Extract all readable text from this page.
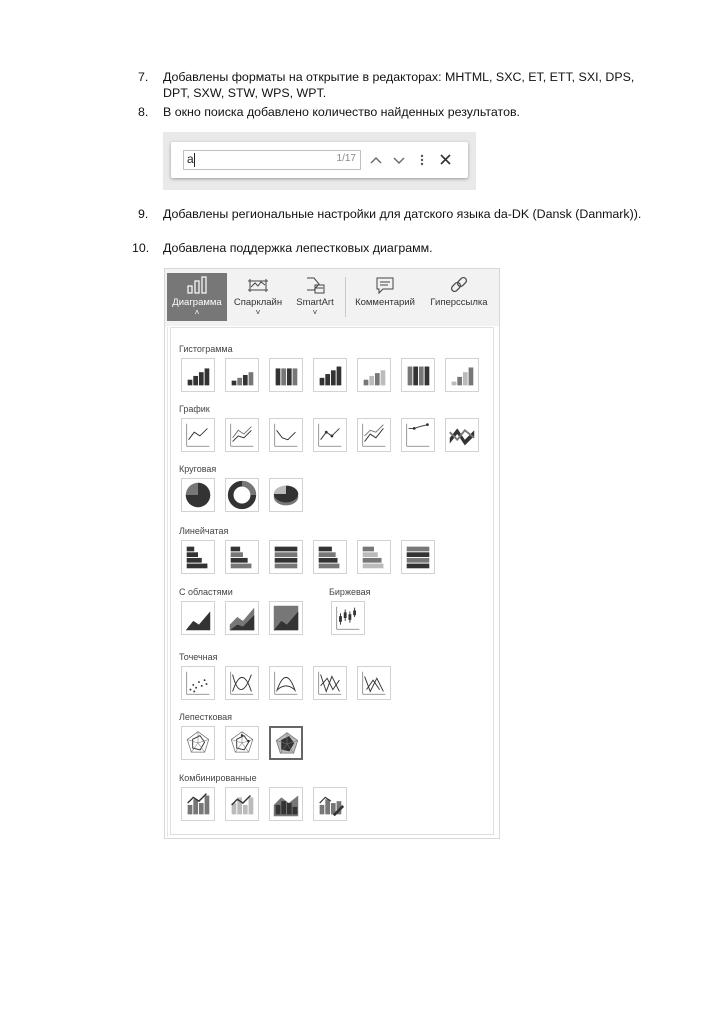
7. Добавлены форматы на открытие в редакторах: MHTML, SXC, ET, ETT, SXI, DPS, DPT, SXW, STW, WPS, WPT.
8. В окно поиска добавлено количество найденных результатов.
a	1/17
9. Добавлены региональные настройки для датского языка da-DK (Dansk (Danmark)).
10. Добавлена поддержка лепестковых диаграмм.
Диаграмма
˄
Спарклайн
˅
SmartArt
˅
Комментарий	Гиперссылка
Гистограмма
График
Круговая
Линейчатая
С областями	Биржевая
Точечная
Лепестковая
Комбинированные
